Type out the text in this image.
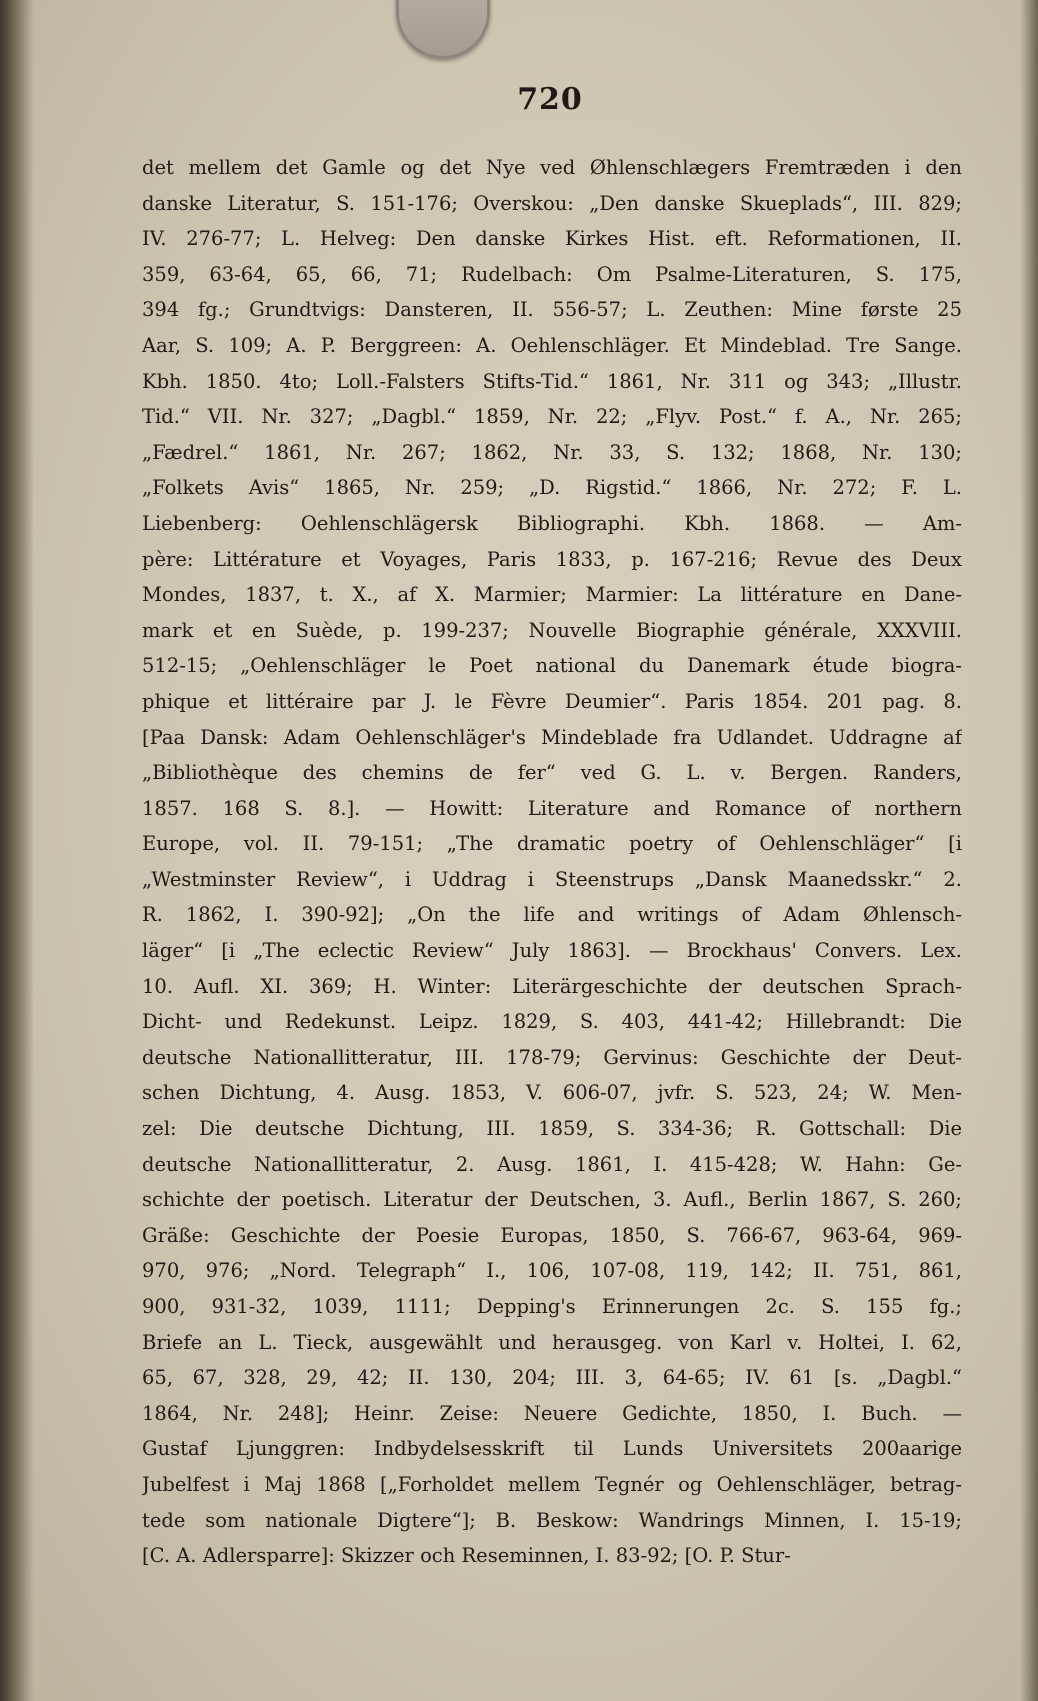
720
det mellem det Gamle og det Nye ved Øhlenschlægers Fremtræden i den
danske Literatur, S. 151-176; Overskou: „Den danske Skueplads“, III. 829;
IV. 276-77; L. Helveg: Den danske Kirkes Hist. eft. Reformationen, II.
359, 63-64, 65, 66, 71; Rudelbach: Om Psalme-Literaturen, S. 175,
394 fg.; Grundtvigs: Dansteren, II. 556-57; L. Zeuthen: Mine første 25
Aar, S. 109; A. P. Berggreen: A. Oehlenschläger. Et Mindeblad. Tre Sange.
Kbh. 1850. 4to; Loll.-Falsters Stifts-Tid.“ 1861, Nr. 311 og 343; „Illustr.
Tid.“ VII. Nr. 327; „Dagbl.“ 1859, Nr. 22; „Flyv. Post.“ f. A., Nr. 265;
„Fædrel.“ 1861, Nr. 267; 1862, Nr. 33, S. 132; 1868, Nr. 130;
„Folkets Avis“ 1865, Nr. 259; „D. Rigstid.“ 1866, Nr. 272; F. L.
Liebenberg: Oehlenschlägersk Bibliographi. Kbh. 1868. — Am-
père: Littérature et Voyages, Paris 1833, p. 167-216; Revue des Deux
Mondes, 1837, t. X., af X. Marmier; Marmier: La littérature en Dane-
mark et en Suède, p. 199-237; Nouvelle Biographie générale, XXXVIII.
512-15; „Oehlenschläger le Poet national du Danemark étude biogra-
phique et littéraire par J. le Fèvre Deumier“. Paris 1854. 201 pag. 8.
[Paa Dansk: Adam Oehlenschläger's Mindeblade fra Udlandet. Uddragne af
„Bibliothèque des chemins de fer“ ved G. L. v. Bergen. Randers,
1857. 168 S. 8.]. — Howitt: Literature and Romance of northern
Europe, vol. II. 79-151; „The dramatic poetry of Oehlenschläger“ [i
„Westminster Review“, i Uddrag i Steenstrups „Dansk Maanedsskr.“ 2.
R. 1862, I. 390-92]; „On the life and writings of Adam Øhlensch-
läger“ [i „The eclectic Review“ July 1863]. — Brockhaus' Convers. Lex.
10. Aufl. XI. 369; H. Winter: Literärgeschichte der deutschen Sprach-
Dicht- und Redekunst. Leipz. 1829, S. 403, 441-42; Hillebrandt: Die
deutsche Nationallitteratur, III. 178-79; Gervinus: Geschichte der Deut-
schen Dichtung, 4. Ausg. 1853, V. 606-07, jvfr. S. 523, 24; W. Men-
zel: Die deutsche Dichtung, III. 1859, S. 334-36; R. Gottschall: Die
deutsche Nationallitteratur, 2. Ausg. 1861, I. 415-428; W. Hahn: Ge-
schichte der poetisch. Literatur der Deutschen, 3. Aufl., Berlin 1867, S. 260;
Gräße: Geschichte der Poesie Europas, 1850, S. 766-67, 963-64, 969-
970, 976; „Nord. Telegraph“ I., 106, 107-08, 119, 142; II. 751, 861,
900, 931-32, 1039, 1111; Depping's Erinnerungen 2c. S. 155 fg.;
Briefe an L. Tieck, ausgewählt und herausgeg. von Karl v. Holtei, I. 62,
65, 67, 328, 29, 42; II. 130, 204; III. 3, 64-65; IV. 61 [s. „Dagbl.“
1864, Nr. 248]; Heinr. Zeise: Neuere Gedichte, 1850, I. Buch. —
Gustaf Ljunggren: Indbydelsesskrift til Lunds Universitets 200aarige
Jubelfest i Maj 1868 [„Forholdet mellem Tegnér og Oehlenschläger, betrag-
tede som nationale Digtere“]; B. Beskow: Wandrings Minnen, I. 15-19;
[C. A. Adlersparre]: Skizzer och Reseminnen, I. 83-92; [O. P. Stur-
